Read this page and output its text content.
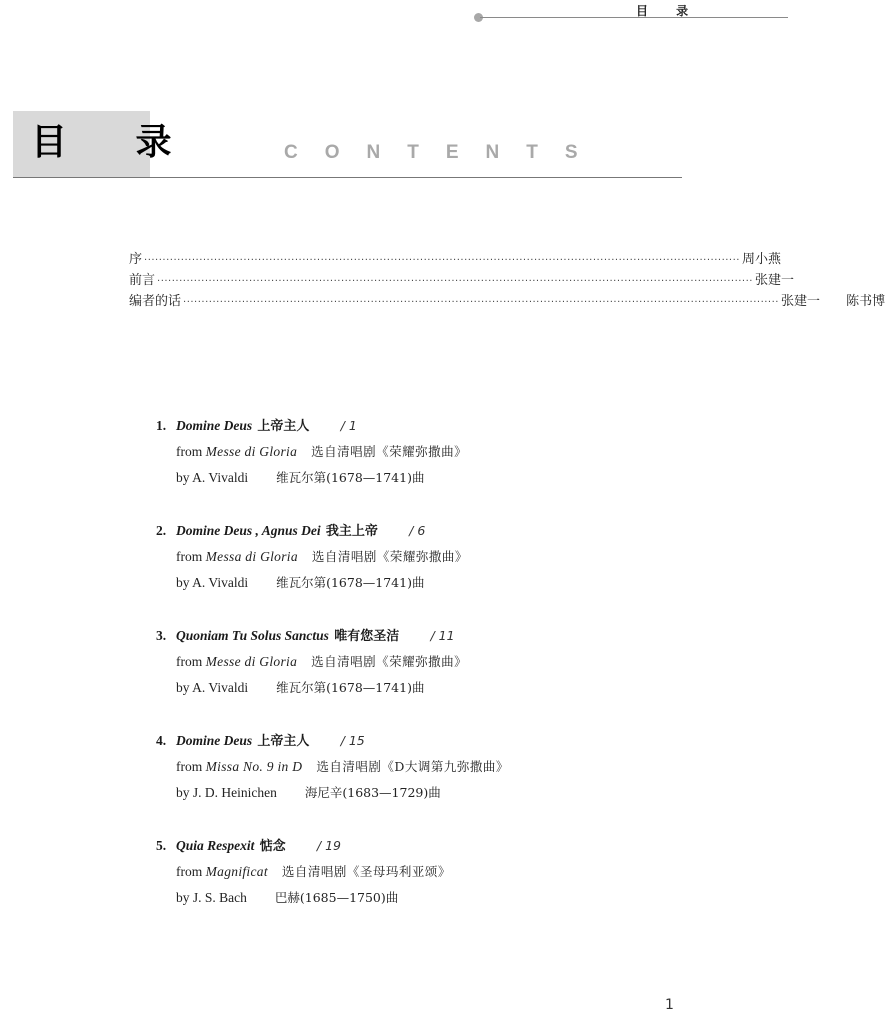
目 录
目 录	CONTENTS
序 ·································································································································································· 周小燕
前言 ·································································································································································· 张建一
编者的话 ·································································································································································· 张建一 陈书博
1. Domine Deus 上帝主人	/ 1
from Messe di Gloria 选自清唱剧《荣耀弥撒曲》
by A. Vivaldi 维瓦尔第(1678—1741)曲
2. Domine Deus , Agnus Dei 我主上帝	/ 6
from Messa di Gloria 选自清唱剧《荣耀弥撒曲》
by A. Vivaldi 维瓦尔第(1678—1741)曲
3. Quoniam Tu Solus Sanctus 唯有您圣洁	/ 11
from Messe di Gloria 选自清唱剧《荣耀弥撒曲》
by A. Vivaldi 维瓦尔第(1678—1741)曲
4. Domine Deus 上帝主人	/ 15
from Missa No. 9 in D 选自清唱剧《D大调第九弥撒曲》
by J. D. Heinichen 海尼辛(1683—1729)曲
5. Quia Respexit 惦念	/ 19
from Magnificat 选自清唱剧《圣母玛利亚颂》
by J. S. Bach 巴赫(1685—1750)曲
1
